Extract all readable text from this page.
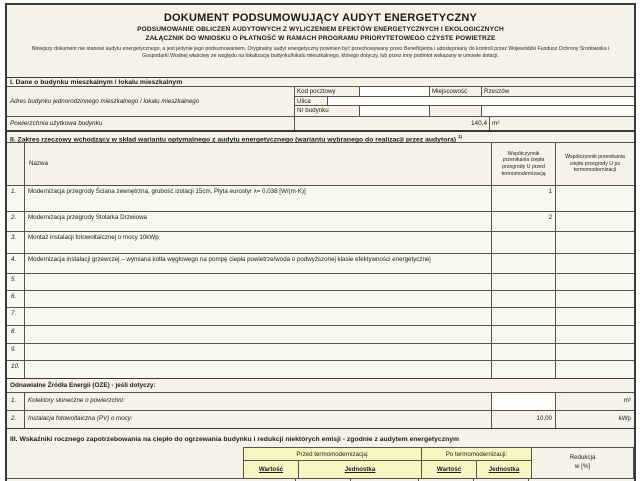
DOKUMENT PODSUMOWUJĄCY AUDYT ENERGETYCZNY
PODSUMOWANIE OBLICZEŃ AUDYTOWYCH Z WYLICZENIEM EFEKTÓW ENERGETYCZNYCH I EKOLOGICZNYCH
ZAŁĄCZNIK DO WNIOSKU O PŁATNOŚĆ W RAMACH PROGRAMU PRIORYTETOWEGO CZYSTE POWIETRZE
Niniejszy dokument nie stanowi audytu energetycznego, a jest jedynie jego podsumowaniem. Oryginalny audyt energetyczny powinien być przechowywany przez Beneficjenta i udostępniany do kontroli przez Wojewódzki Fundusz Ochrony Środowiska i Gospodarki Wodnej właściwy ze względu na lokalizację budynku/lokalu mieszkalnego, którego dotyczy, lub przez inny podmiot wskazany w umowie dotacji.
I. Dane o budynku mieszkalnym / lokalu mieszkalnym
Adres budynku jednorodzinnego mieszkalnego / lokalu mieszkalnego
Kod pocztowy	Miejscowość	Rzeszów
Ulica
Nr budynku
Powierzchnia użytkowa budynku	140,4 m²
II. Zakres rzeczowy wchodzący w skład wariantu optymalnego z audytu energetycznego (wariantu wybranego do realizacji przez audytora) $^{1)}$
Nazwa
Współczynnik przenikania ciepła przegrody U przed termomodernizacją
Współczynnik przenikania ciepła przegrody U po termomodernizacji
1.	Modernizacja przegrody Ściana zewnętrzna, grubość izolacji 15cm, Płyta eurostyr λ= 0,038 [W/(m·K)]	1
2.	Modernizacja przegrody Stolarka Drzwiowa	2
3.	Montaż instalacji fotowoltaicznej o mocy 10kWp
4.	Modernizacja instalacji grzewczej – wymiana kotła węglowego na pompę ciepła powietrze/woda o podwyższonej klasie efektywności energetycznej
5.
6.
7.
8.
9.
10.
Odnawialne Źródła Energii (OZE) - jeśli dotyczy:
1.	Kolektory słoneczne o powierzchni:	m²
2.	Instalacja fotowoltaiczna (PV) o mocy:	10,00	kWp
III. Wskaźniki rocznego zapotrzebowania na ciepło do ogrzewania budynku i redukcji niektórych emisji - zgodnie z audytem energetycznym
Przed termomodernizacją:
Wartość	Jednostka
Po termomodernizacji:
Wartość	Jednostka
Redukcja
w [%]
